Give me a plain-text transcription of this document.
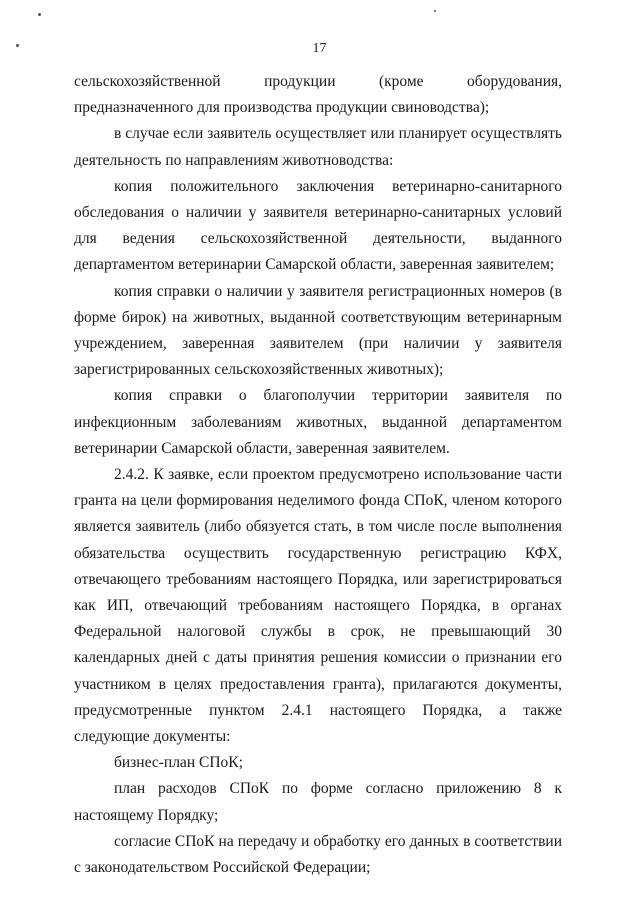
17

сельскохозяйственной продукции (кроме оборудования, предназначенного для производства продукции свиноводства);

в случае если заявитель осуществляет или планирует осуществлять деятельность по направлениям животноводства:

копия положительного заключения ветеринарно-санитарного обследования о наличии у заявителя ветеринарно-санитарных условий для ведения сельскохозяйственной деятельности, выданного департаментом ветеринарии Самарской области, заверенная заявителем;

копия справки о наличии у заявителя регистрационных номеров (в форме бирок) на животных, выданной соответствующим ветеринарным учреждением, заверенная заявителем (при наличии у заявителя зарегистрированных сельскохозяйственных животных);

копия справки о благополучии территории заявителя по инфекционным заболеваниям животных, выданной департаментом ветеринарии Самарской области, заверенная заявителем.

2.4.2. К заявке, если проектом предусмотрено использование части гранта на цели формирования неделимого фонда СПоК, членом которого является заявитель (либо обязуется стать, в том числе после выполнения обязательства осуществить государственную регистрацию КФХ, отвечающего требованиям настоящего Порядка, или зарегистрироваться как ИП, отвечающий требованиям настоящего Порядка, в органах Федеральной налоговой службы в срок, не превышающий 30 календарных дней с даты принятия решения комиссии о признании его участником в целях предоставления гранта), прилагаются документы, предусмотренные пунктом 2.4.1 настоящего Порядка, а также следующие документы:

бизнес-план СПоК;

план расходов СПоК по форме согласно приложению 8 к настоящему Порядку;

согласие СПоК на передачу и обработку его данных в соответствии с законодательством Российской Федерации;
